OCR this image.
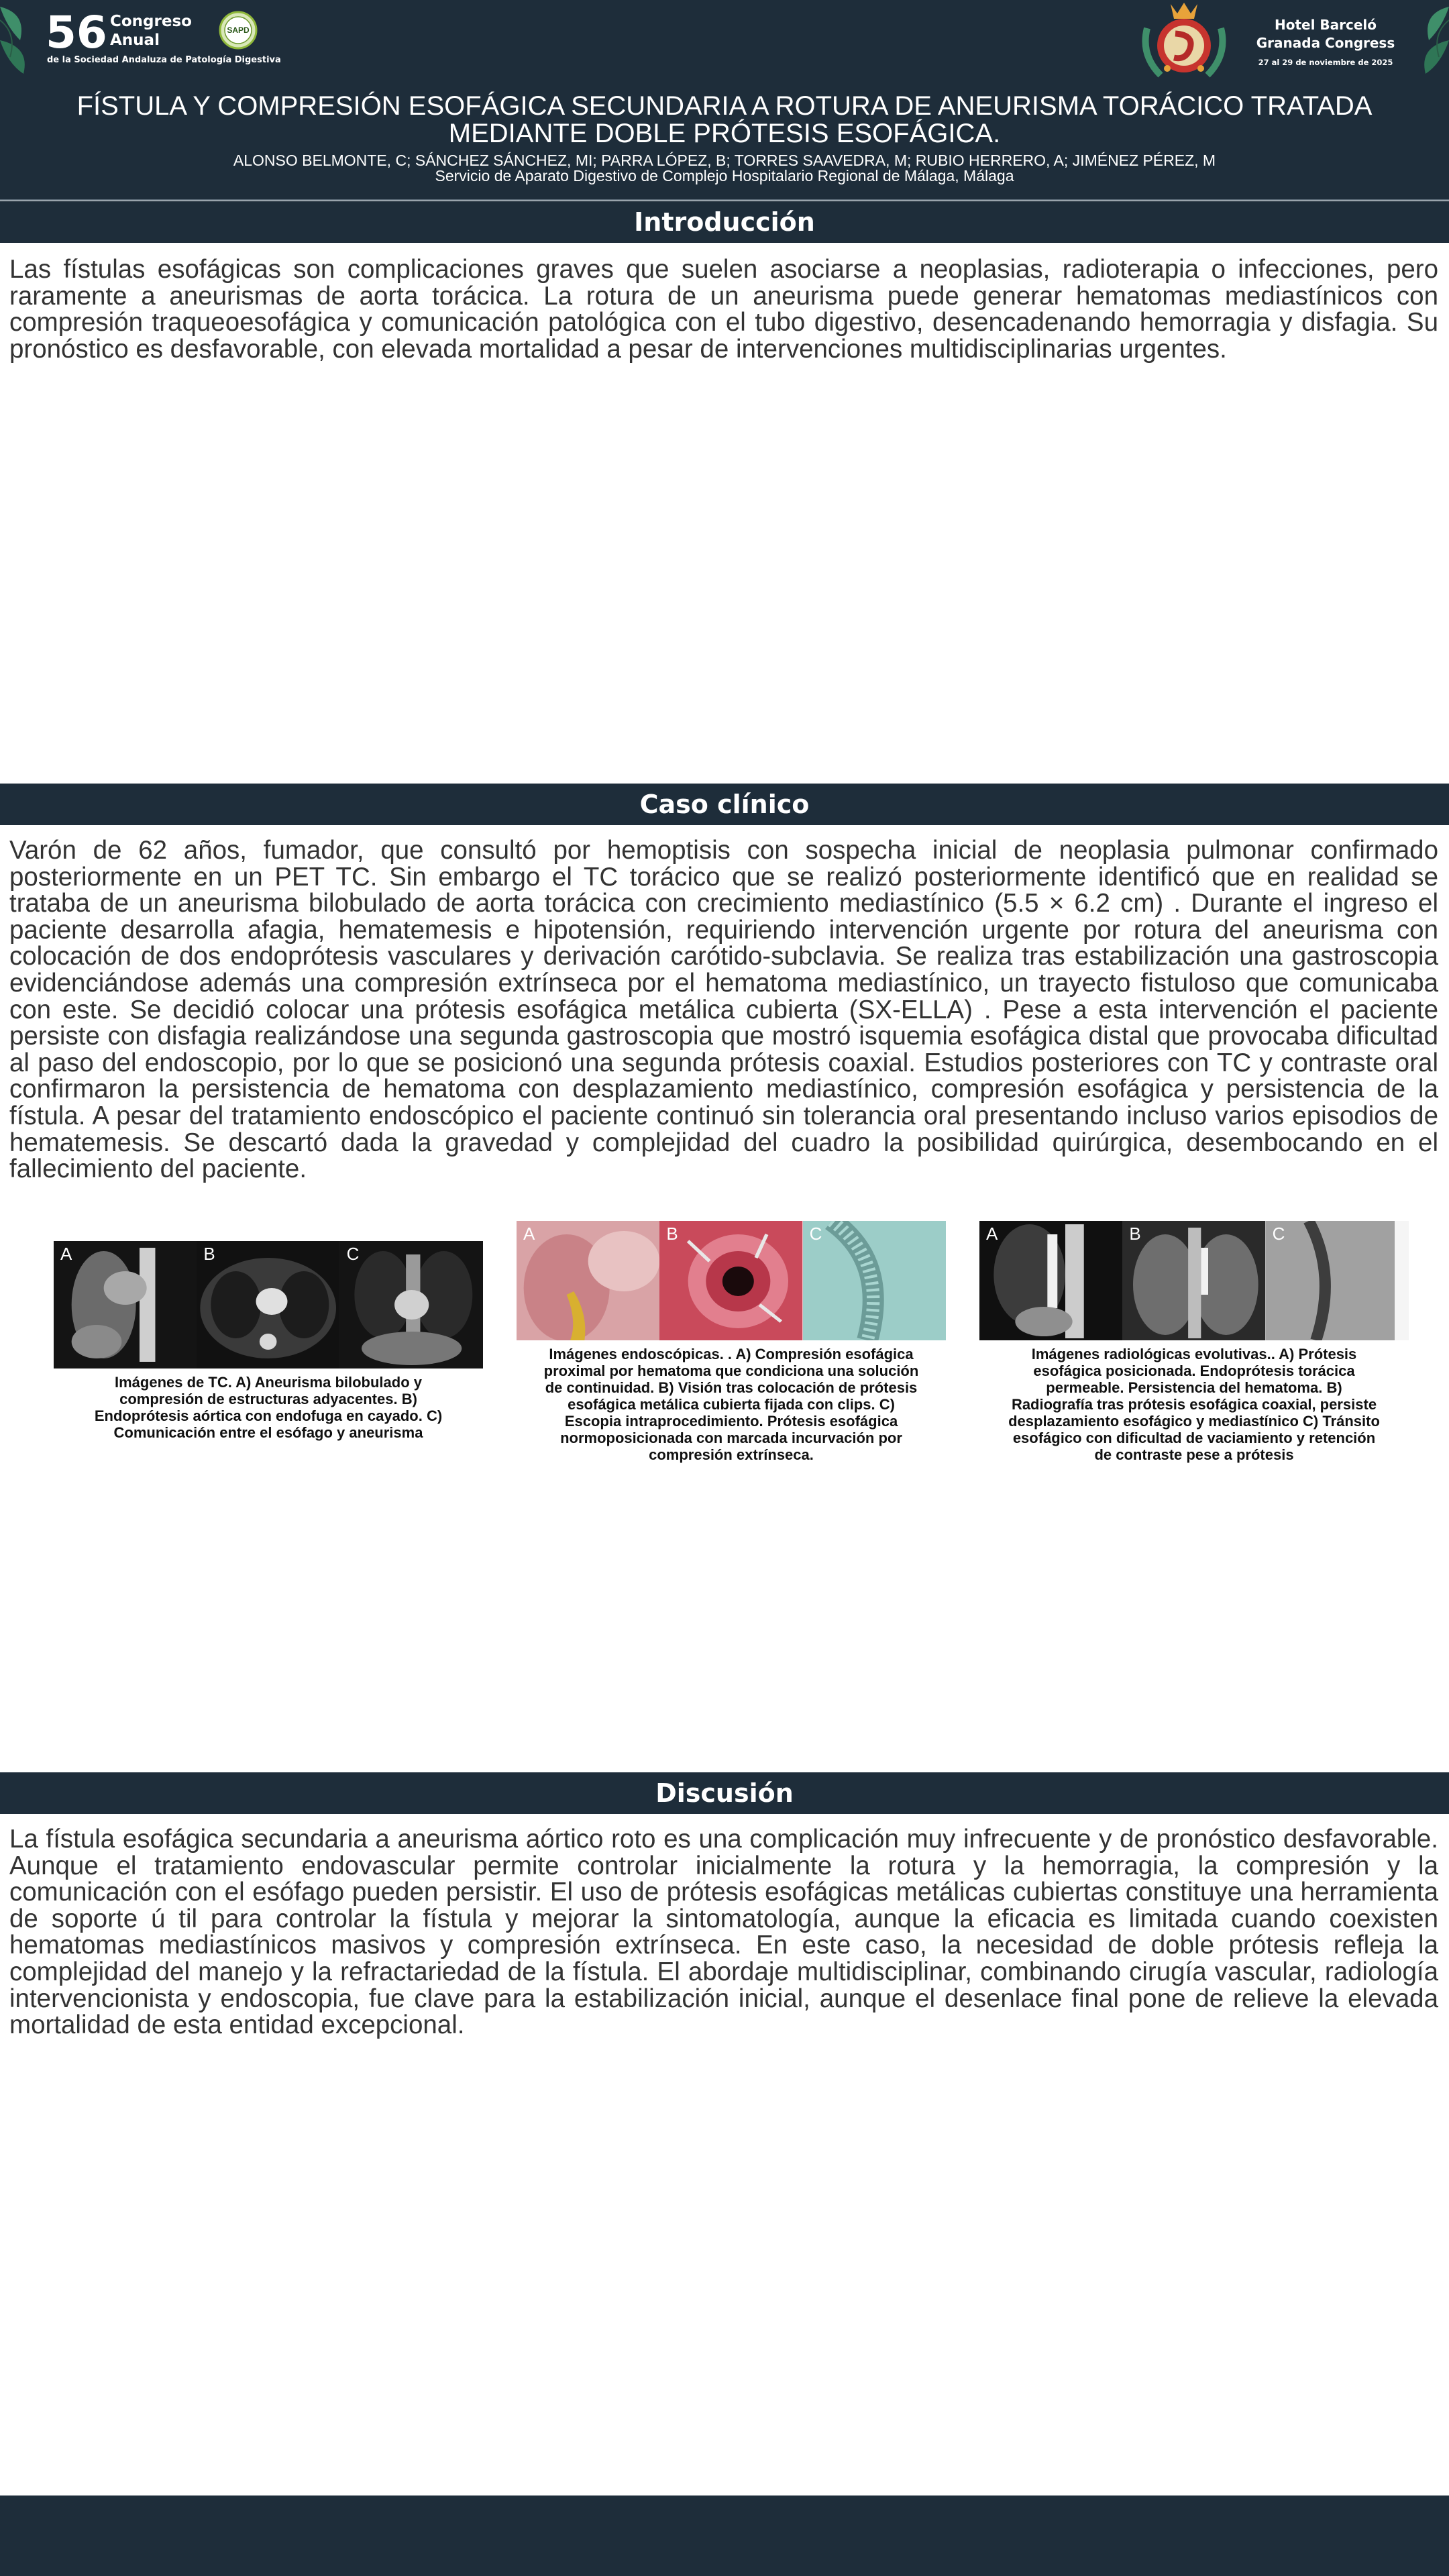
56 Congreso
Anual
de la Sociedad Andaluza de Patología Digestiva
SAPD	Hotel Barceló
Granada Congress
27 al 29 de noviembre de 2025
FÍSTULA Y COMPRESIÓN ESOFÁGICA SECUNDARIA A ROTURA DE ANEURISMA TORÁCICO TRATADA MEDIANTE DOBLE PRÓTESIS ESOFÁGICA.
ALONSO BELMONTE, C; SÁNCHEZ SÁNCHEZ, MI; PARRA LÓPEZ, B; TORRES SAAVEDRA, M; RUBIO HERRERO, A; JIMÉNEZ PÉREZ, M
Servicio de Aparato Digestivo de Complejo Hospitalario Regional de Málaga, Málaga
Introducción

Las fístulas esofágicas son complicaciones graves que suelen asociarse a neoplasias, radioterapia o infecciones, pero raramente a aneurismas de aorta torácica. La rotura de un aneurisma puede generar hematomas mediastínicos con compresión traqueoesofágica y comunicación patológica con el tubo digestivo, desencadenando hemorragia y disfagia. Su pronóstico es desfavorable, con elevada mortalidad a pesar de intervenciones multidisciplinarias urgentes.

Caso clínico

Varón de 62 años, fumador, que consultó por hemoptisis con sospecha inicial de neoplasia pulmonar confirmado posteriormente en un PET TC. Sin embargo el TC torácico que se realizó posteriormente identificó que en realidad se trataba de un aneurisma bilobulado de aorta torácica con crecimiento mediastínico (5.5 × 6.2 cm) . Durante el ingreso el paciente desarrolla afagia, hematemesis e hipotensión, requiriendo intervención urgente por rotura del aneurisma con colocación de dos endoprótesis vasculares y derivación carótido-subclavia. Se realiza tras estabilización una gastroscopia evidenciándose además una compresión extrínseca por el hematoma mediastínico, un trayecto fistuloso que comunicaba con este. Se decidió colocar una prótesis esofágica metálica cubierta (SX-ELLA) . Pese a esta intervención el paciente persiste con disfagia realizándose una segunda gastroscopia que mostró isquemia esofágica distal que provocaba dificultad al paso del endoscopio, por lo que se posicionó una segunda prótesis coaxial. Estudios posteriores con TC y contraste oral confirmaron la persistencia de hematoma con desplazamiento mediastínico, compresión esofágica y persistencia de la fístula. A pesar del tratamiento endoscópico el paciente continuó sin tolerancia oral presentando incluso varios episodios de hematemesis. Se descartó dada la gravedad y complejidad del cuadro la posibilidad quirúrgica, desembocando en el fallecimiento del paciente.

A	B	C
Imágenes de TC. A) Aneurisma bilobulado y compresión de estructuras adyacentes. B) Endoprótesis aórtica con endofuga en cayado. C) Comunicación entre el esófago y aneurisma
A	B	C
Imágenes endoscópicas. . A) Compresión esofágica proximal por hematoma que condiciona una solución de continuidad. B) Visión tras colocación de prótesis esofágica metálica cubierta fijada con clips. C) Escopia intraprocedimiento. Prótesis esofágica normoposicionada con marcada incurvación por compresión extrínseca.
A	B	C
Imágenes radiológicas evolutivas.. A) Prótesis esofágica posicionada. Endoprótesis torácica permeable. Persistencia del hematoma. B) Radiografía tras prótesis esofágica coaxial, persiste desplazamiento esofágico y mediastínico C) Tránsito esofágico con dificultad de vaciamiento y retención de contraste pese a prótesis
Discusión

La fístula esofágica secundaria a aneurisma aórtico roto es una complicación muy infrecuente y de pronóstico desfavorable. Aunque el tratamiento endovascular permite controlar inicialmente la rotura y la hemorragia, la compresión y la comunicación con el esófago pueden persistir. El uso de prótesis esofágicas metálicas cubiertas constituye una herramienta de soporte ú til para controlar la fístula y mejorar la sintomatología, aunque la eficacia es limitada cuando coexisten hematomas mediastínicos masivos y compresión extrínseca. En este caso, la necesidad de doble prótesis refleja la complejidad del manejo y la refractariedad de la fístula. El abordaje multidisciplinar, combinando cirugía vascular, radiología intervencionista y endoscopia, fue clave para la estabilización inicial, aunque el desenlace final pone de relieve la elevada mortalidad de esta entidad excepcional.
